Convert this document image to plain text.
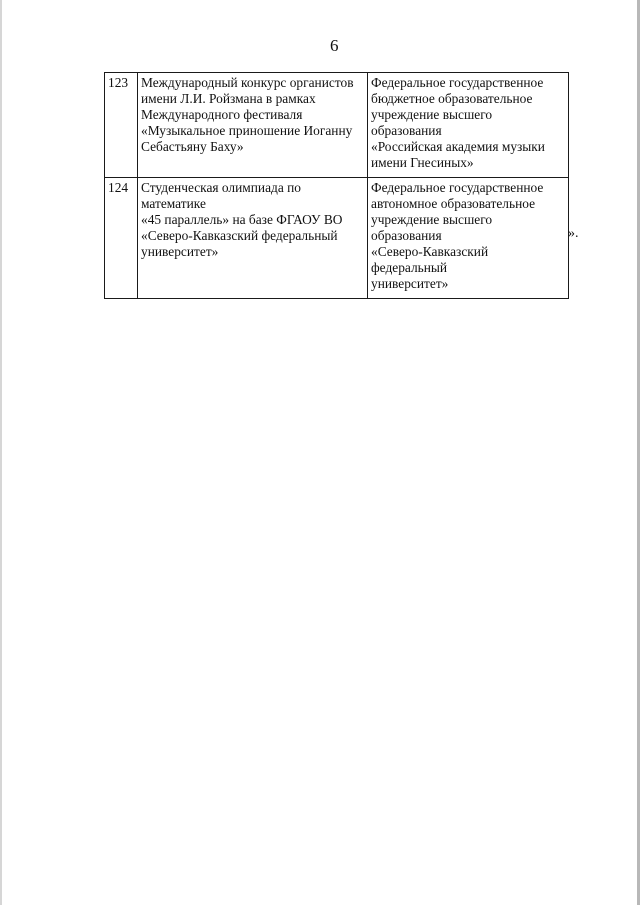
6
123	Международный конкурс органистов
имени Л.И. Ройзмана в рамках
Международного фестиваля
«Музыкальное приношение Иоганну
Себастьяну Баху»	Федеральное государственное
бюджетное образовательное
учреждение высшего образования
«Российская академия музыки
имени Гнесиных»
124	Студенческая олимпиада по математике
«45 параллель» на базе ФГАОУ ВО
«Северо-Кавказский федеральный
университет»	Федеральное государственное
автономное образовательное
учреждение высшего образования
«Северо-Кавказский федеральный
университет»
».
